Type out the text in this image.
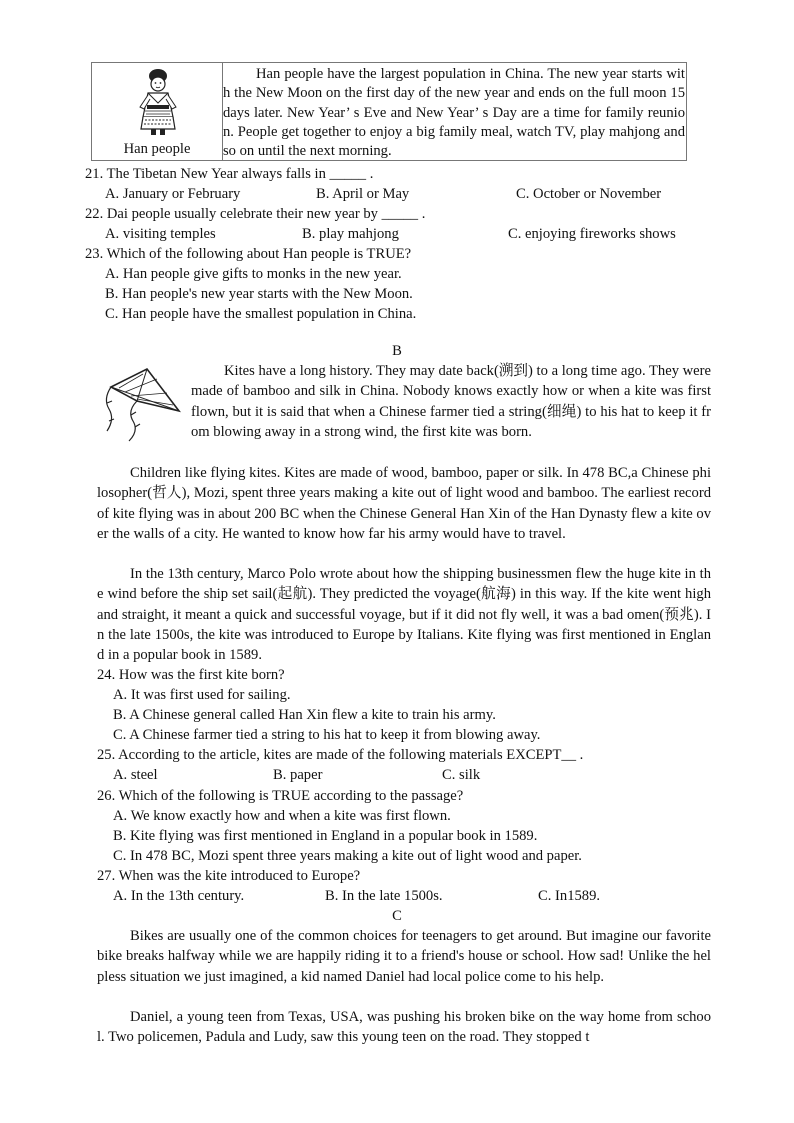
Han people
Han people have the largest population in China. The new year starts with the New Moon on the first day of the new year and ends on the full moon 15 days later. New Year’ s Eve and New Year’ s Day are a time for family reunion. People get together to enjoy a big family meal, watch TV, play mahjong and so on until the next morning.
21. The Tibetan New Year always falls in _____ .
A. January or February	B. April or May	C. October or November
22. Dai people usually celebrate their new year by _____ .
A. visiting temples	B. play mahjong	C. enjoying fireworks shows
23. Which of the following about Han people is TRUE?
A. Han people give gifts to monks in the new year.
B. Han people's new year starts with the New Moon.
C. Han people have the smallest population in China.
B
Kites have a long history. They may date back(溯到) to a long time ago. They were made of bamboo and silk in China. Nobody knows exactly how or when a kite was first flown, but it is said that when a Chinese farmer tied a string(细绳) to his hat to keep it from blowing away in a strong wind, the first kite was born.
Children like flying kites. Kites are made of wood, bamboo, paper or silk. In 478 BC,a Chinese philosopher(哲人), Mozi, spent three years making a kite out of light wood and bamboo. The earliest record of kite flying was in about 200 BC when the Chinese General Han Xin of the Han Dynasty flew a kite over the walls of a city. He wanted to know how far his army would have to travel.
In the 13th century, Marco Polo wrote about how the shipping businessmen flew the huge kite in the wind before the ship set sail(起航). They predicted the voyage(航海) in this way. If the kite went high and straight, it meant a quick and successful voyage, but if it did not fly well, it was a bad omen(预兆). In the late 1500s, the kite was introduced to Europe by Italians. Kite flying was first mentioned in England in a popular book in 1589.
24. How was the first kite born?
A. It was first used for sailing.
B. A Chinese general called Han Xin flew a kite to train his army.
C. A Chinese farmer tied a string to his hat to keep it from blowing away.
25. According to the article, kites are made of the following materials EXCEPT__ .
A. steel	B. paper	C. silk
26. Which of the following is TRUE according to the passage?
A. We know exactly how and when a kite was first flown.
B. Kite flying was first mentioned in England in a popular book in 1589.
C. In 478 BC, Mozi spent three years making a kite out of light wood and paper.
27. When was the kite introduced to Europe?
A. In the 13th century.	B. In the late 1500s.	C. In1589.
C
Bikes are usually one of the common choices for teenagers to get around. But imagine our favorite bike breaks halfway while we are happily riding it to a friend's house or school. How sad! Unlike the helpless situation we just imagined, a kid named Daniel had local police come to his help.
Daniel, a young teen from Texas, USA, was pushing his broken bike on the way home from school. Two policemen, Padula and Ludy, saw this young teen on the road. They stopped t
